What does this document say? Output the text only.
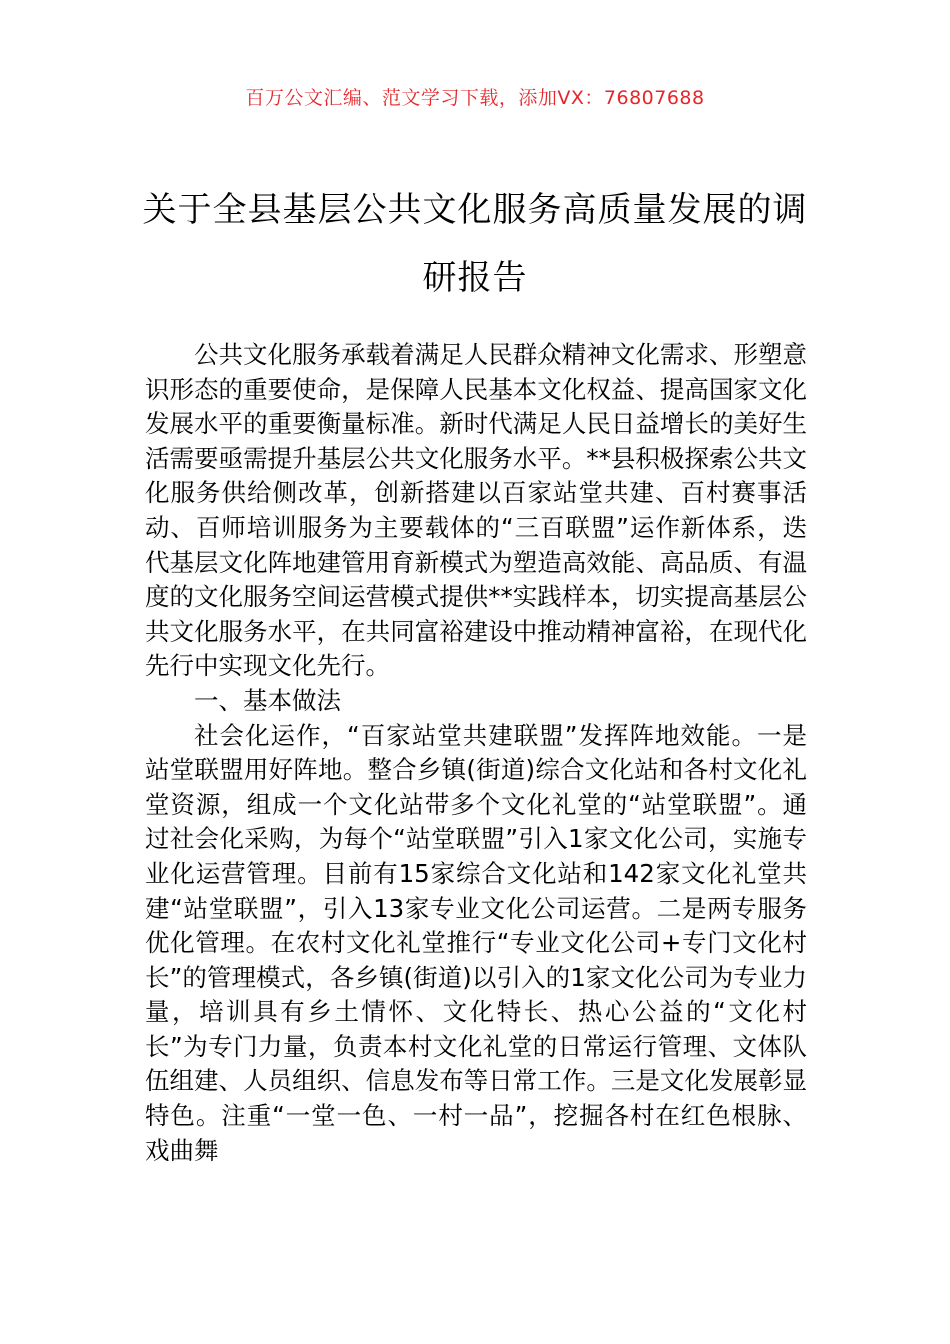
百万公文汇编、范文学习下载，添加VX：76807688
关于全县基层公共文化服务高质量发展的调研报告

公共文化服务承载着满足人民群众精神文化需求、形塑意识形态的重要使命，是保障人民基本文化权益、提高国家文化发展水平的重要衡量标准。新时代满足人民日益增长的美好生活需要亟需提升基层公共文化服务水平。**县积极探索公共文化服务供给侧改革，创新搭建以百家站堂共建、百村赛事活动、百师培训服务为主要载体的“三百联盟”运作新体系，迭代基层文化阵地建管用育新模式为塑造高效能、高品质、有温度的文化服务空间运营模式提供**实践样本，切实提高基层公共文化服务水平，在共同富裕建设中推动精神富裕，在现代化先行中实现文化先行。

一、基本做法

社会化运作，“百家站堂共建联盟”发挥阵地效能。一是站堂联盟用好阵地。整合乡镇(街道)综合文化站和各村文化礼堂资源，组成一个文化站带多个文化礼堂的“站堂联盟”。通过社会化采购，为每个“站堂联盟”引入1家文化公司，实施专业化运营管理。目前有15家综合文化站和142家文化礼堂共建“站堂联盟”，引入13家专业文化公司运营。二是两专服务优化管理。在农村文化礼堂推行“专业文化公司+专门文化村长”的管理模式，各乡镇(街道)以引入的1家文化公司为专业力量，培训具有乡土情怀、文化特长、热心公益的“文化村长”为专门力量，负责本村文化礼堂的日常运行管理、文体队伍组建、人员组织、信息发布等日常工作。三是文化发展彰显特色。注重“一堂一色、一村一品”，挖掘各村在红色根脉、戏曲舞
